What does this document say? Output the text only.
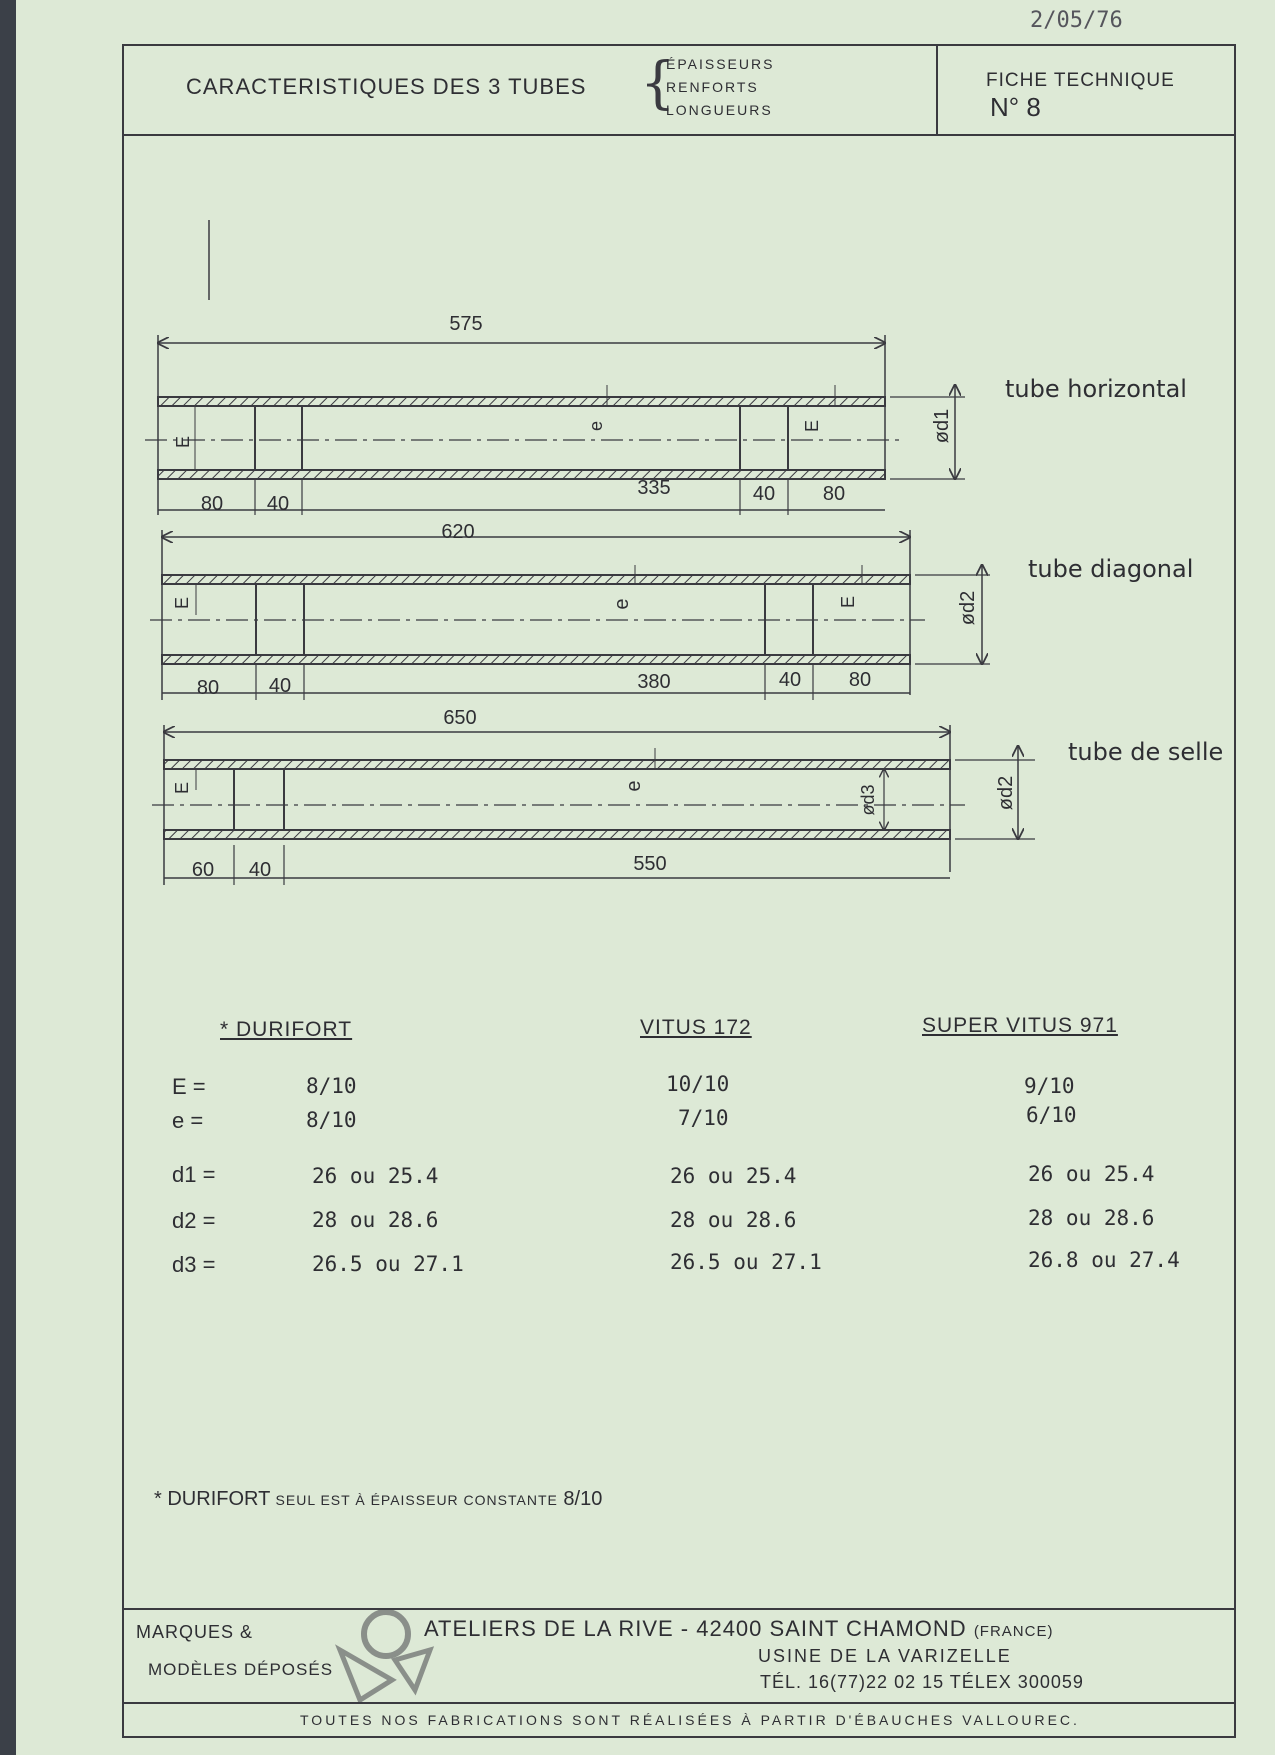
2/05/76
CARACTERISTIQUES DES 3 TUBES {
ÉPAISSEURS
RENFORTS
LONGUEURS
FICHE TECHNIQUE
N° 8
575
80 40
335	40 80
E
e	E	ød1
tube horizontal
620
80 40	380	40 80
E	e	E	ød2
tube diagonal
650
60 40	550
E	e	ød3	ød2
tube de selle
* DURIFORT	VITUS 172	SUPER VITUS 971
E =	8/10	10/10	9/10
e =	8/10	7/10	6/10
d1 =	26 ou 25.4	26 ou 25.4	26 ou 25.4
d2 =	28 ou 28.6	28 ou 28.6	28 ou 28.6
d3 =	26.5 ou 27.1	26.5 ou 27.1	26.8 ou 27.4
* DURIFORT SEUL EST À ÉPAISSEUR CONSTANTE 8/10
MARQUES &
MODÈLES DÉPOSÉS
ATELIERS DE LA RIVE - 42400 SAINT CHAMOND (FRANCE)
USINE DE LA VARIZELLE
TÉL. 16(77)22 02 15 TÉLEX 300059
TOUTES NOS FABRICATIONS SONT RÉALISÉES À PARTIR D'ÉBAUCHES VALLOUREC.
